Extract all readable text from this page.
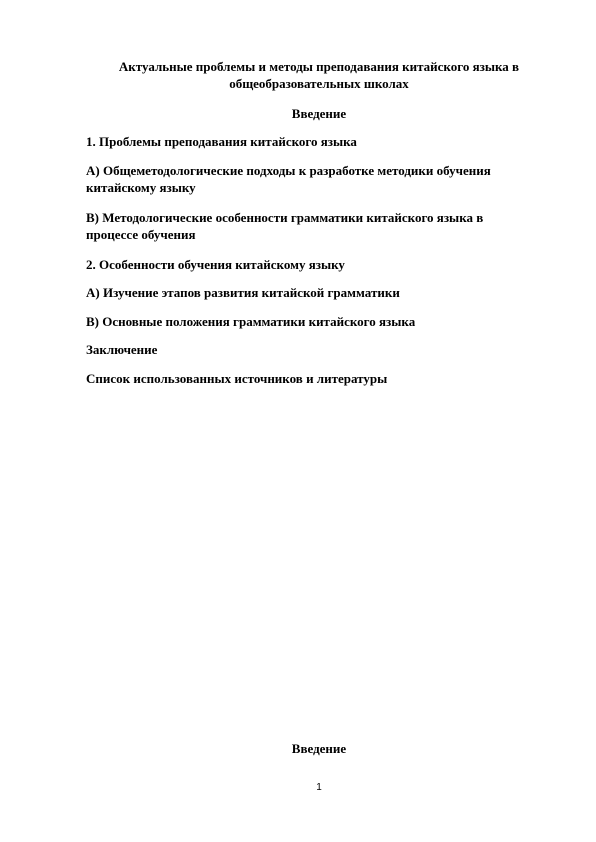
Актуальные проблемы и методы преподавания китайского языка в общеобразовательных школах
Введение
1. Проблемы преподавания китайского языка
А) Общеметодологические подходы к разработке методики обучения китайскому языку
В) Методологические особенности грамматики китайского языка в процессе обучения
2. Особенности обучения китайскому языку
А) Изучение этапов развития китайской грамматики
В) Основные положения грамматики китайского языка
Заключение
Список использованных источников и литературы
Введение
1
